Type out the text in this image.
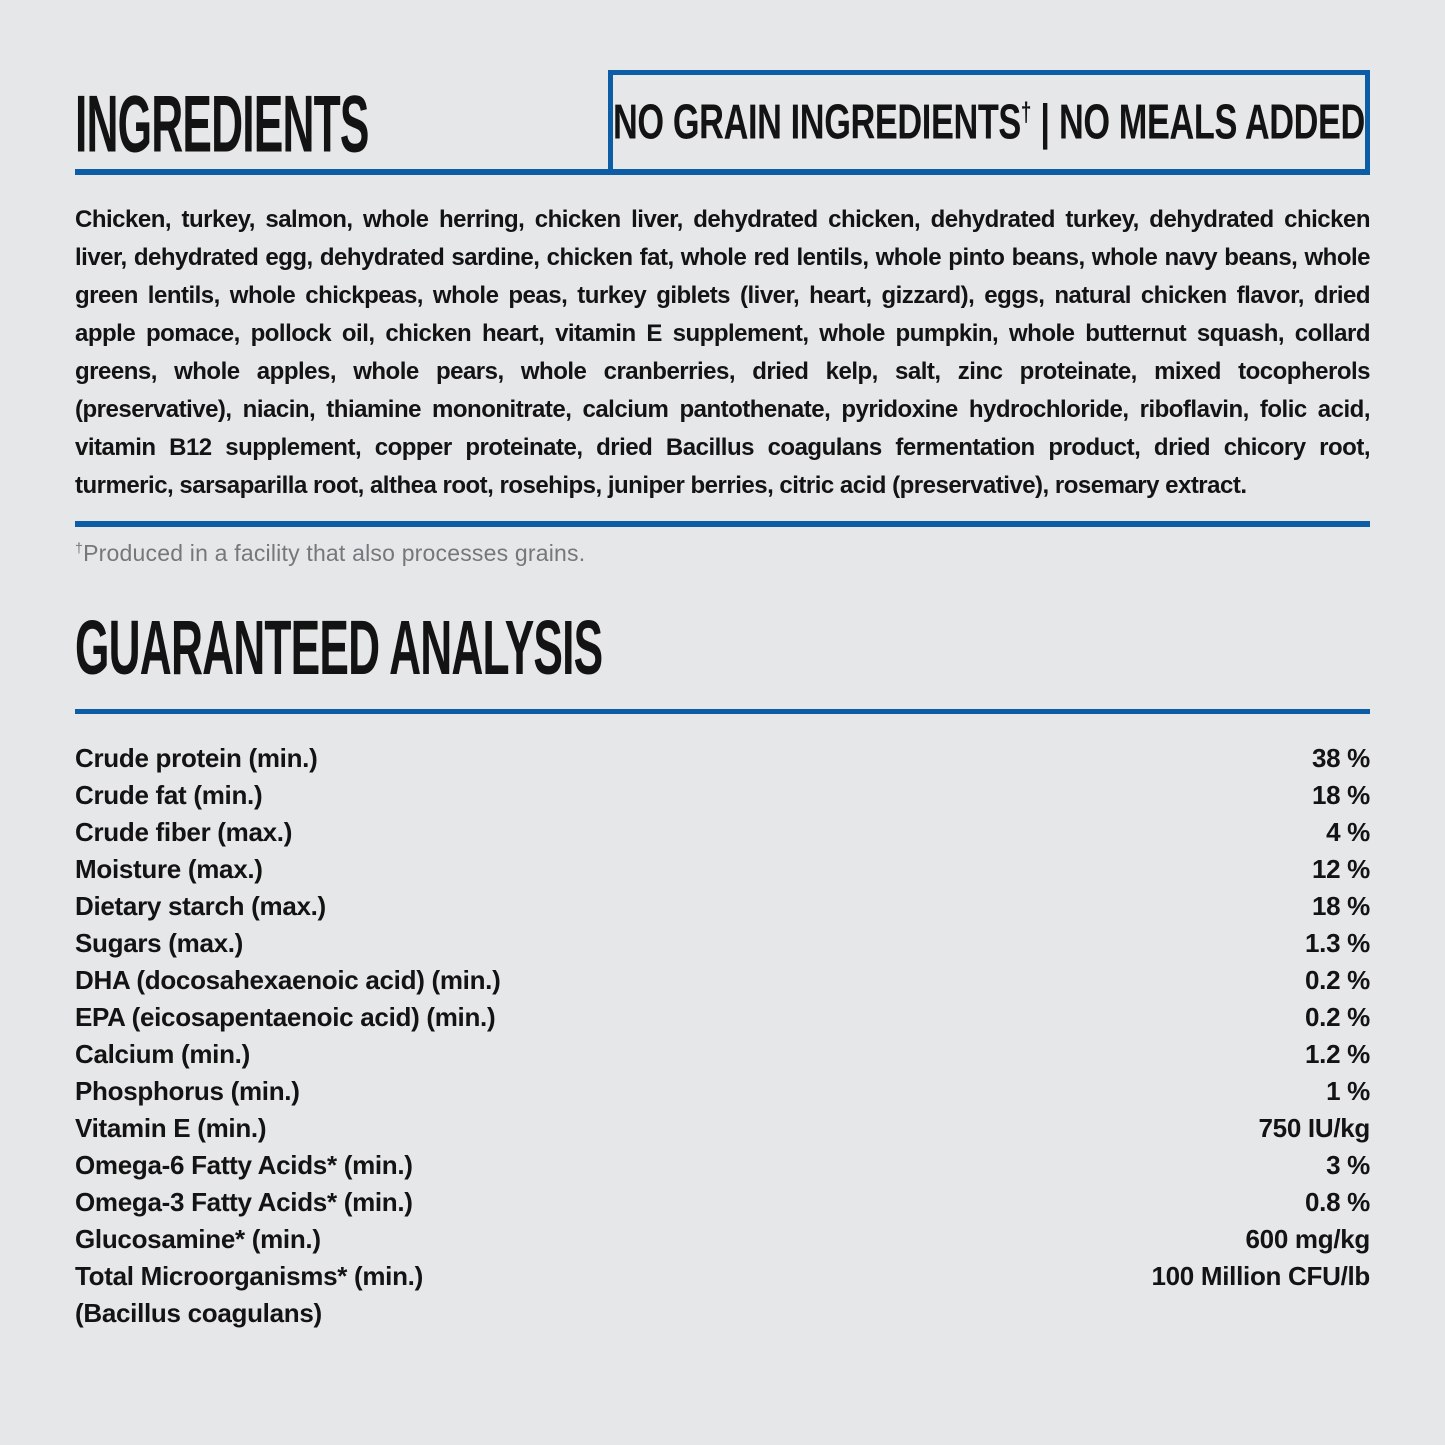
INGREDIENTS	NO GRAIN INGREDIENTS† | NO MEALS ADDED

Chicken, turkey, salmon, whole herring, chicken liver, dehydrated chicken, dehydrated turkey, dehydrated chicken liver, dehydrated egg, dehydrated sardine, chicken fat, whole red lentils, whole pinto beans, whole navy beans, whole green lentils, whole chickpeas, whole peas, turkey giblets (liver, heart, gizzard), eggs, natural chicken flavor, dried apple pomace, pollock oil, chicken heart, vitamin E supplement, whole pumpkin, whole butternut squash, collard greens, whole apples, whole pears, whole cranberries, dried kelp, salt, zinc proteinate, mixed tocopherols (preservative), niacin, thiamine mononitrate, calcium pantothenate, pyridoxine hydrochloride, riboflavin, folic acid, vitamin B12 supplement, copper proteinate, dried Bacillus coagulans fermentation product, dried chicory root, turmeric, sarsaparilla root, althea root, rosehips, juniper berries, citric acid (preservative), rosemary extract.

†Produced in a facility that also processes grains.

GUARANTEED ANALYSIS
Crude protein (min.)	38 %
Crude fat (min.)	18 %
Crude fiber (max.)	4 %
Moisture (max.)	12 %
Dietary starch (max.)	18 %
Sugars (max.)	1.3 %
DHA (docosahexaenoic acid) (min.)	0.2 %
EPA (eicosapentaenoic acid) (min.)	0.2 %
Calcium (min.)	1.2 %
Phosphorus (min.)	1 %
Vitamin E (min.)	750 IU/kg
Omega-6 Fatty Acids* (min.)	3 %
Omega-3 Fatty Acids* (min.)	0.8 %
Glucosamine* (min.)	600 mg/kg
Total Microorganisms* (min.)	100 Million CFU/lb
(Bacillus coagulans)
